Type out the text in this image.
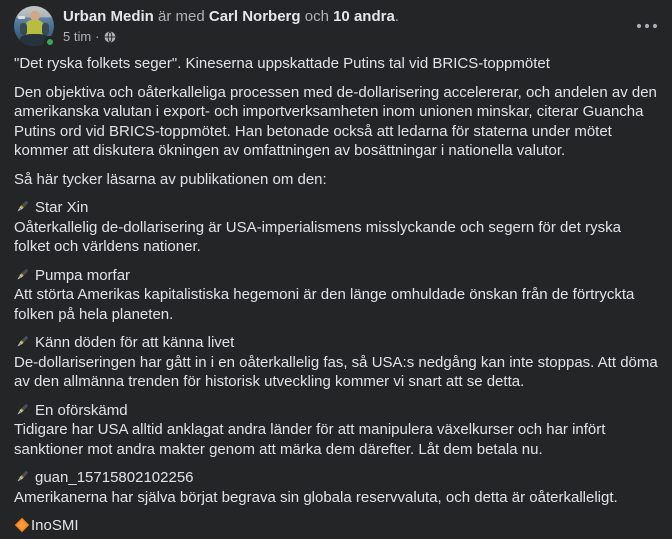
Urban Medin är med Carl Norberg och 10 andra.
5 tim ·

"Det ryska folkets seger". Kineserna uppskattade Putins tal vid BRICS-toppmötet

Den objektiva och oåterkalleliga processen med de-dollarisering accelererar, och andelen av den amerikanska valutan i export- och importverksamheten inom unionen minskar, citerar Guancha Putins ord vid BRICS-toppmötet. Han betonade också att ledarna för staterna under mötet kommer att diskutera ökningen av omfattningen av bosättningar i nationella valutor.

Så här tycker läsarna av publikationen om den:

Star Xin
Oåterkallelig de-dollarisering är USA-imperialismens misslyckande och segern för det ryska folket och världens nationer.

Pumpa morfar
Att störta Amerikas kapitalistiska hegemoni är den länge omhuldade önskan från de förtryckta folken på hela planeten.

Känn döden för att känna livet
De-dollariseringen har gått in i en oåterkallelig fas, så USA:s nedgång kan inte stoppas. Att döma av den allmänna trenden för historisk utveckling kommer vi snart att se detta.

En oförskämd
Tidigare har USA alltid anklagat andra länder för att manipulera växelkurser och har infört sanktioner mot andra makter genom att märka dem därefter. Låt dem betala nu.

guan_15715802102256
Amerikanerna har själva börjat begrava sin globala reservvaluta, och detta är oåterkalleligt.

InoSMI
